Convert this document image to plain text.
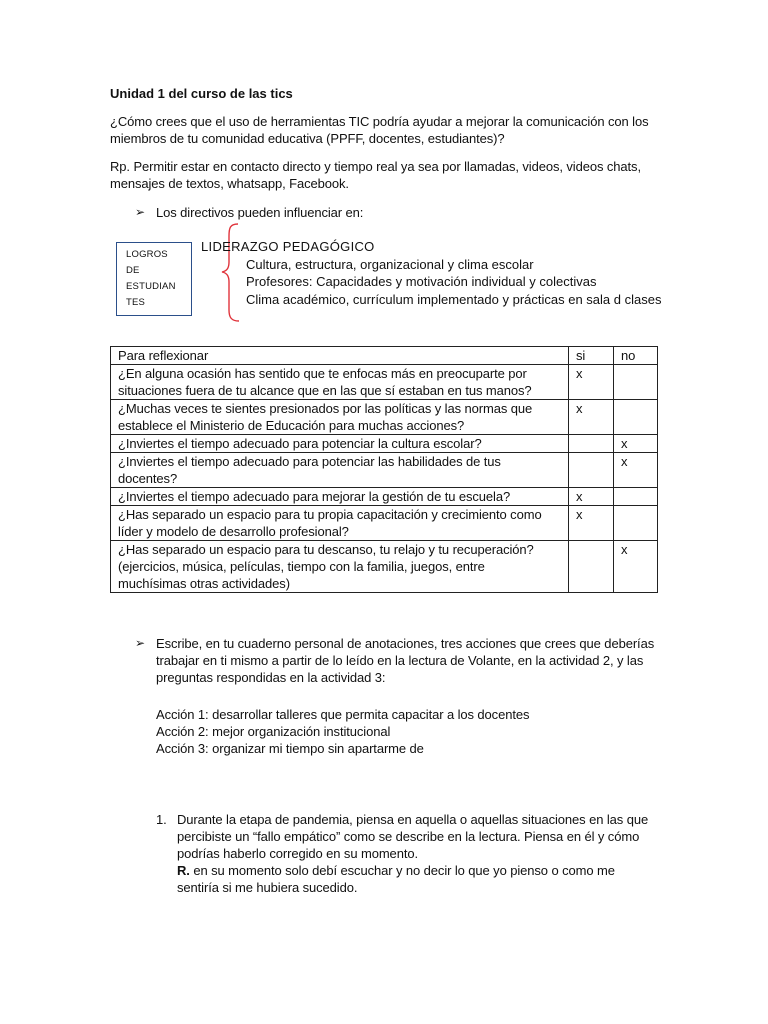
Unidad 1 del curso de las tics
¿Cómo crees que el uso de herramientas TIC podría ayudar a mejorar la comunicación con los
miembros de tu comunidad educativa (PPFF, docentes, estudiantes)?
Rp. Permitir estar en contacto directo y tiempo real ya sea por llamadas, videos, videos chats,
mensajes de textos, whatsapp, Facebook.
➢ Los directivos pueden influenciar en:
LOGROS
DE
ESTUDIAN
TES
LIDERAZGO PEDAGÓGICO
Cultura, estructura, organizacional y clima escolar
Profesores: Capacidades y motivación individual y colectivas
Clima académico, currículum implementado y prácticas en sala d clases
Para reflexionar	si	no

¿En alguna ocasión has sentido que te enfocas más en preocuparte por
situaciones fuera de tu alcance que en las que sí estaban en tus manos?	x	

¿Muchas veces te sientes presionados por las políticas y las normas que
establece el Ministerio de Educación para muchas acciones?	x	

¿Inviertes el tiempo adecuado para potenciar la cultura escolar?		x

¿Inviertes el tiempo adecuado para potenciar las habilidades de tus
docentes?		x

¿Inviertes el tiempo adecuado para mejorar la gestión de tu escuela?	x	

¿Has separado un espacio para tu propia capacitación y crecimiento como
líder y modelo de desarrollo profesional?	x	

¿Has separado un espacio para tu descanso, tu relajo y tu recuperación?
(ejercicios, música, películas, tiempo con la familia, juegos, entre
muchísimas otras actividades)		x
➢ Escribe, en tu cuaderno personal de anotaciones, tres acciones que crees que deberías
trabajar en ti mismo a partir de lo leído en la lectura de Volante, en la actividad 2, y las
preguntas respondidas en la actividad 3:
Acción 1: desarrollar talleres que permita capacitar a los docentes
Acción 2: mejor organización institucional
Acción 3: organizar mi tiempo sin apartarme de
1. Durante la etapa de pandemia, piensa en aquella o aquellas situaciones en las que
percibiste un “fallo empático” como se describe en la lectura. Piensa en él y cómo
podrías haberlo corregido en su momento.
R. en su momento solo debí escuchar y no decir lo que yo pienso o como me
sentiría si me hubiera sucedido.
